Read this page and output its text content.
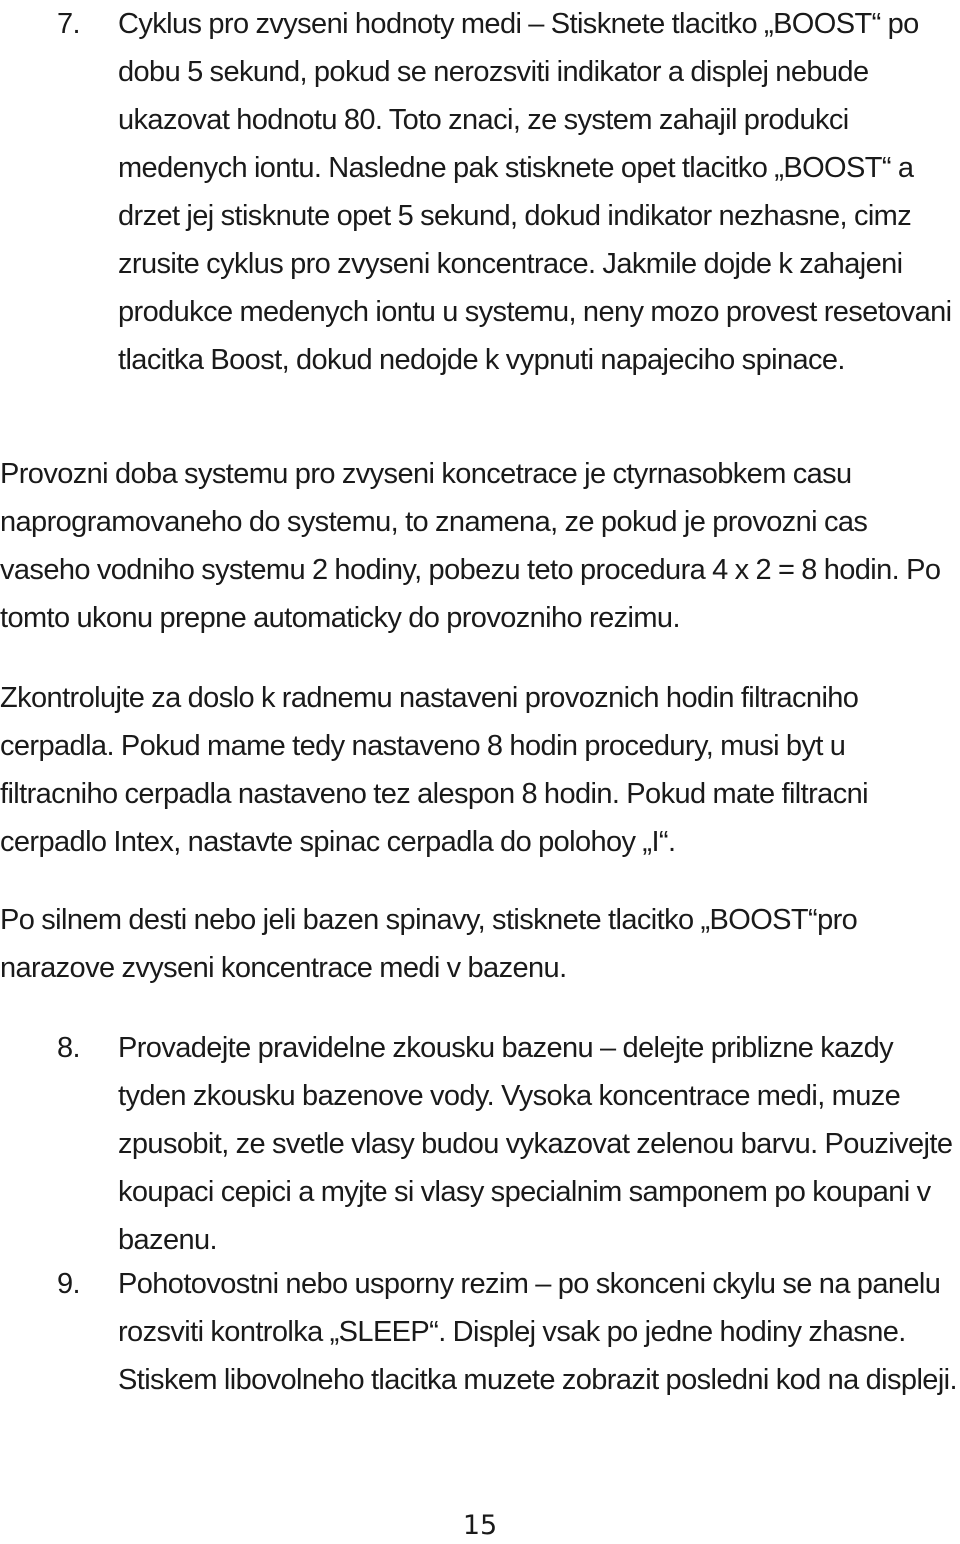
7. Cyklus pro zvyseni hodnoty medi – Stisknete tlacitko „BOOST“ po dobu 5 sekund, pokud se nerozsviti indikator a displej nebude ukazovat hodnotu 80. Toto znaci, ze system zahajil produkci medenych iontu. Nasledne pak stisknete opet tlacitko „BOOST“ a drzet jej stisknute opet 5 sekund, dokud indikator nezhasne, cimz zrusite cyklus pro zvyseni koncentrace. Jakmile dojde k zahajeni produkce medenych iontu u systemu, neny mozo provest resetovani tlacitka Boost, dokud nedojde k vypnuti napajeciho spinace.
Provozni doba systemu pro zvyseni koncetrace je ctyrnasobkem casu naprogramovaneho do systemu, to znamena, ze pokud je provozni cas vaseho vodniho systemu 2 hodiny, pobezu teto procedura 4 x 2 = 8 hodin. Po tomto ukonu prepne automaticky do provozniho rezimu.
Zkontrolujte za doslo k radnemu nastaveni provoznich hodin filtracniho cerpadla. Pokud mame tedy nastaveno 8 hodin procedury, musi byt u filtracniho cerpadla nastaveno tez alespon 8 hodin. Pokud mate filtracni cerpadlo Intex, nastavte spinac cerpadla do polohoy „I“.
Po silnem desti nebo jeli bazen spinavy, stisknete tlacitko „BOOST“pro narazove zvyseni koncentrace medi v bazenu.
8. Provadejte pravidelne zkousku bazenu – delejte priblizne kazdy tyden zkousku bazenove vody. Vysoka koncentrace medi, muze zpusobit, ze svetle vlasy budou vykazovat zelenou barvu. Pouzivejte koupaci cepici a myjte si vlasy specialnim samponem po koupani v bazenu.
9. Pohotovostni nebo usporny rezim – po skonceni ckylu se na panelu rozsviti kontrolka „SLEEP“. Displej vsak po jedne hodiny zhasne. Stiskem libovolneho tlacitka muzete zobrazit posledni kod na displeji.
15
